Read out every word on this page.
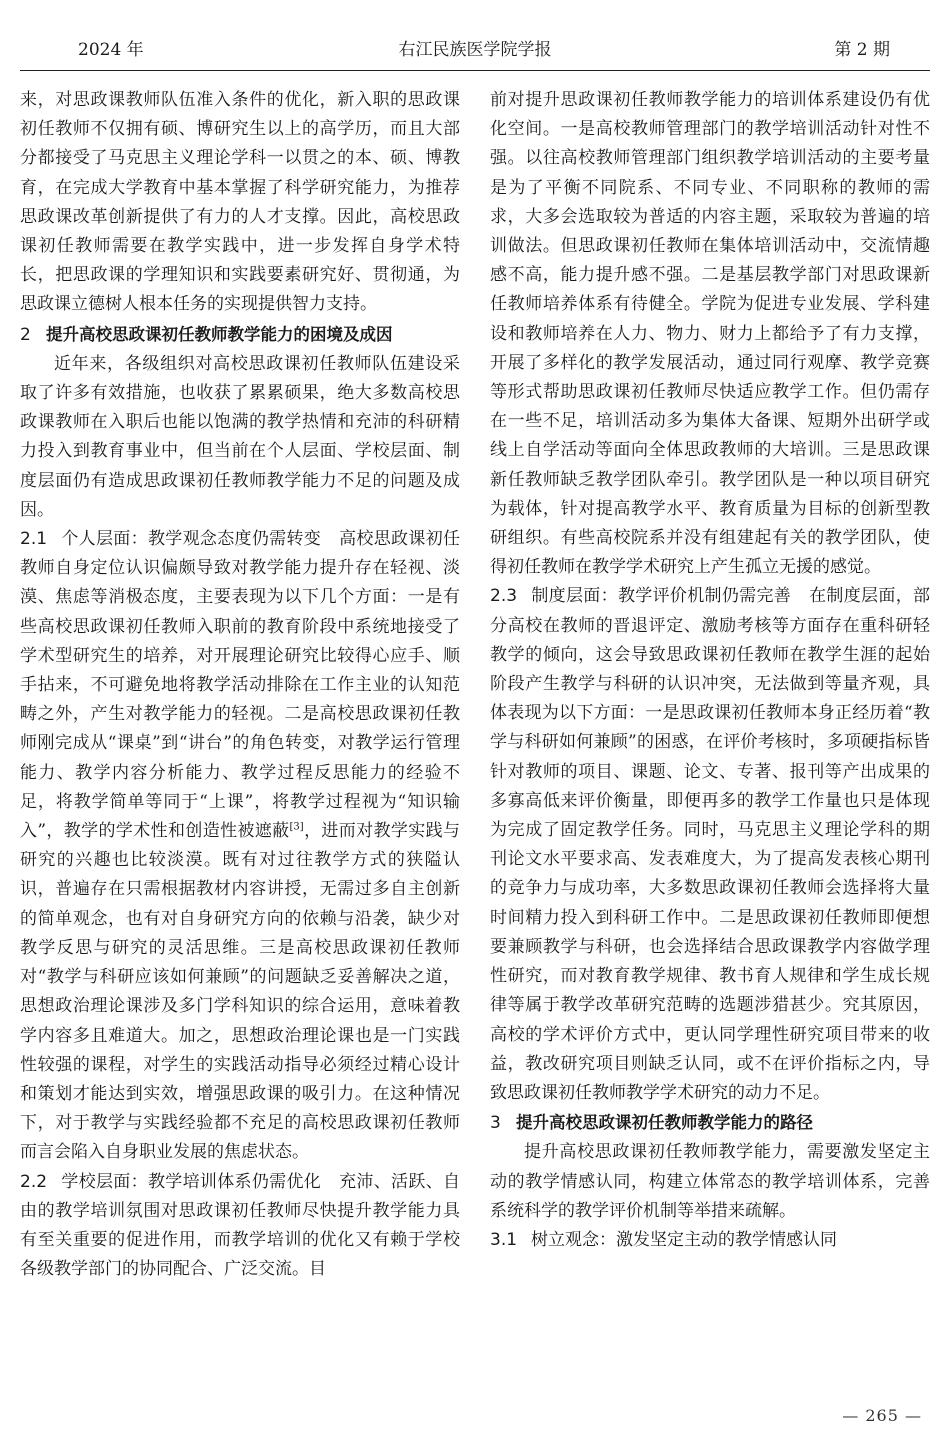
2024 年	右江民族医学院学报	第 2 期

来，对思政课教师队伍准入条件的优化，新入职的思政课初任教师不仅拥有硕、博研究生以上的高学历，而且大部分都接受了马克思主义理论学科一以贯之的本、硕、博教育，在完成大学教育中基本掌握了科学研究能力，为推荐思政课改革创新提供了有力的人才支撑。因此，高校思政课初任教师需要在教学实践中，进一步发挥自身学术特长，把思政课的学理知识和实践要素研究好、贯彻通，为思政课立德树人根本任务的实现提供智力支持。

2 提升高校思政课初任教师教学能力的困境及成因

近年来，各级组织对高校思政课初任教师队伍建设采取了许多有效措施，也收获了累累硕果，绝大多数高校思政课教师在入职后也能以饱满的教学热情和充沛的科研精力投入到教育事业中，但当前在个人层面、学校层面、制度层面仍有造成思政课初任教师教学能力不足的问题及成因。

2.1 个人层面：教学观念态度仍需转变 高校思政课初任教师自身定位认识偏颇导致对教学能力提升存在轻视、淡漠、焦虑等消极态度，主要表现为以下几个方面：一是有些高校思政课初任教师入职前的教育阶段中系统地接受了学术型研究生的培养，对开展理论研究比较得心应手、顺手拈来，不可避免地将教学活动排除在工作主业的认知范畴之外，产生对教学能力的轻视。二是高校思政课初任教师刚完成从“课桌”到“讲台”的角色转变，对教学运行管理能力、教学内容分析能力、教学过程反思能力的经验不足，将教学简单等同于“上课”，将教学过程视为“知识输入”，教学的学术性和创造性被遮蔽[3]，进而对教学实践与研究的兴趣也比较淡漠。既有对过往教学方式的狭隘认识，普遍存在只需根据教材内容讲授，无需过多自主创新的简单观念，也有对自身研究方向的依赖与沿袭，缺少对教学反思与研究的灵活思维。三是高校思政课初任教师对“教学与科研应该如何兼顾”的问题缺乏妥善解决之道，思想政治理论课涉及多门学科知识的综合运用，意味着教学内容多且难道大。加之，思想政治理论课也是一门实践性较强的课程，对学生的实践活动指导必须经过精心设计和策划才能达到实效，增强思政课的吸引力。在这种情况下，对于教学与实践经验都不充足的高校思政课初任教师而言会陷入自身职业发展的焦虑状态。

2.2 学校层面：教学培训体系仍需优化 充沛、活跃、自由的教学培训氛围对思政课初任教师尽快提升教学能力具有至关重要的促进作用，而教学培训的优化又有赖于学校各级教学部门的协同配合、广泛交流。目

前对提升思政课初任教师教学能力的培训体系建设仍有优化空间。一是高校教师管理部门的教学培训活动针对性不强。以往高校教师管理部门组织教学培训活动的主要考量是为了平衡不同院系、不同专业、不同职称的教师的需求，大多会选取较为普适的内容主题，采取较为普遍的培训做法。但思政课初任教师在集体培训活动中，交流情趣感不高，能力提升感不强。二是基层教学部门对思政课新任教师培养体系有待健全。学院为促进专业发展、学科建设和教师培养在人力、物力、财力上都给予了有力支撑，开展了多样化的教学发展活动，通过同行观摩、教学竞赛等形式帮助思政课初任教师尽快适应教学工作。但仍需存在一些不足，培训活动多为集体大备课、短期外出研学或线上自学活动等面向全体思政教师的大培训。三是思政课新任教师缺乏教学团队牵引。教学团队是一种以项目研究为载体，针对提高教学水平、教育质量为目标的创新型教研组织。有些高校院系并没有组建起有关的教学团队，使得初任教师在教学学术研究上产生孤立无援的感觉。

2.3 制度层面：教学评价机制仍需完善 在制度层面，部分高校在教师的晋退评定、激励考核等方面存在重科研轻教学的倾向，这会导致思政课初任教师在教学生涯的起始阶段产生教学与科研的认识冲突，无法做到等量齐观，具体表现为以下方面：一是思政课初任教师本身正经历着“教学与科研如何兼顾”的困惑，在评价考核时，多项硬指标皆针对教师的项目、课题、论文、专著、报刊等产出成果的多寡高低来评价衡量，即便再多的教学工作量也只是体现为完成了固定教学任务。同时，马克思主义理论学科的期刊论文水平要求高、发表难度大，为了提高发表核心期刊的竞争力与成功率，大多数思政课初任教师会选择将大量时间精力投入到科研工作中。二是思政课初任教师即便想要兼顾教学与科研，也会选择结合思政课教学内容做学理性研究，而对教育教学规律、教书育人规律和学生成长规律等属于教学改革研究范畴的选题涉猎甚少。究其原因，高校的学术评价方式中，更认同学理性研究项目带来的收益，教改研究项目则缺乏认同，或不在评价指标之内，导致思政课初任教师教学学术研究的动力不足。

3 提升高校思政课初任教师教学能力的路径

提升高校思政课初任教师教学能力，需要激发坚定主动的教学情感认同，构建立体常态的教学培训体系，完善系统科学的教学评价机制等举措来疏解。

3.1 树立观念：激发坚定主动的教学情感认同

— 265 —
